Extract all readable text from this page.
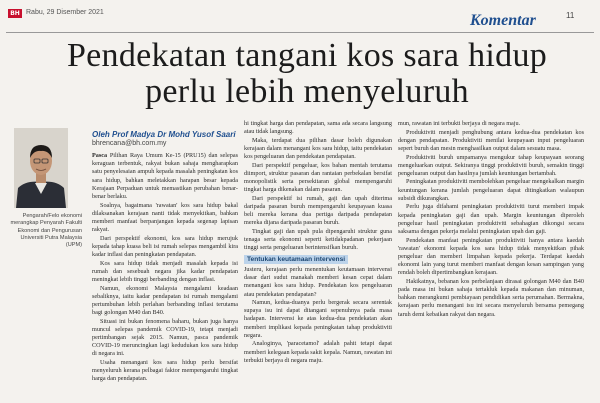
BH Rabu, 29 Disember 2021	Komentar	11
Pendekatan tangani kos sara hidup perlu lebih menyeluruh
Pengarah/Felo ekonomi merangkap Penyarah Fakulti Ekonomi dan Pengurusan Universiti Putra Malaysia (UPM)
Oleh Prof Madya Dr Mohd Yusof Saari
bhrencana@bh.com.my

Pasca Pilihan Raya Umum Ke-15 (PRU15) dan selepas keraguan terbentuk, rakyat bukan sahaja mengharapkan satu penyelesaian ampuh kepada masalah peningkatan kos sara hidup, bahkan meletakkan harapan besar kepada Kerajaan Perpaduan untuk memastikan perubahan benar-benar berlaku.

Soalnya, bagaimana 'rawatan' kos sara hidup bakal dilaksanakan kerajaan nanti tidak menyekitkan, bahkan memberi manfaat berpanjangan kepada segenap lapisan rakyat.

Dari perspektif ekonomi, kos sara hidup merujuk kepada tahap kuasa beli isi rumah selepas mengambil kira kadar inflasi dan peningkatan pendapatan.

Kos sara hidup tidak menjadi masalah kepada isi rumah dan sesebuah negara jika kadar pendapatan meningkat lebih tinggi berbanding dengan inflasi.

Namun, ekonomi Malaysia mengalami keadaan sebaliknya, iaitu kadar pendapatan isi rumah mengalami pertumbuhan lebih perlahan berbanding inflasi terutama bagi golongan M40 dan B40.

Situasi ini bukan fenomena baharu, bukan juga hanya muncul selepas pandemik COVID-19, tetapi menjadi pertimbangan sejak 2015. Namun, pasca pandemik COVID-19 meruncingkan lagi kedudukan kos sara hidup di negara ini.

Usaha menangani kos sara hidup perlu bersifat menyeluruh kerana pelbagai faktor mempengaruhi tingkat harga dan pendapatan.

hi tingkat harga dan pendapatan, sama ada secara langsung atau tidak langsung.

Maka, terdapat dua pilihan dasar boleh digunakan kerajaan dalam menangani kos sara hidup, iaitu pendekatan kos pengeluaran dan pendekatan pendapatan.

Dari perspektif pengeluar, kos bahan mentah terutama diimport, struktur pasaran dan rantaian perbekalan bersifat monopolistik serta persekitaran global mempengaruhi tingkat harga dikenakan dalam pasaran.

Dari perspektif isi rumah, gaji dan upah diterima daripada pasaran buruh mempengaruhi keupayaan kuasa beli mereka kerana dua pertiga daripada pendapatan mereka dijana daripada pasaran buruh.

Tingkat gaji dan upah pula dipengaruhi struktur guna tenaga serta ekonomi seperti ketidakpadanan pekerjaan tinggi serta pengeluaran berintensifkan buruh.

Tentukan keutamaan intervensi

Justeru, kerajaan perlu menentukan keutamaan intervensi dasar dari sudut manakah memberi kesan cepat dalam menangani kos sara hidup. Pendekatan kos pengeluaran atau pendekatan pendapatan?

Namun, kedua-duanya perlu bergerak secara serentak supaya isu ini dapat ditangani sepenuhnya pada masa hadapan. Intervensi ke atas kedua-dua pendekatan akan memberi implikasi kepada peningkatan tahap produktiviti negara.

Analoginya, 'paracetamol' adalah pahit tetapi dapat memberi kelegaan kepada sakit kepala. Namun, rawatan ini terbukti berjaya di negara maju.

mun, rawatan ini terbukti berjaya di negara maju.

Produktiviti menjadi penghubung antara kedua-dua pendekatan kos dengan pendapatan. Produktiviti menilai keupayaan input pengeluaran sepert buruh dan mesin menghasilkan output dalam sesuatu masa.

Produktiviti buruh umpamanya mengukur tahap keupayaan seorang mengeluarkan output. Sekiranya tinggi produktiviti buruh, semakin tinggi pengeluaran output dan hasilnya jumlah keuntungan bertambah.

Peningkatan produktiviti membolehkan pengeluar mengekalkan margin keuntungan kerana jumlah pengeluaran dapat ditingkatkan walaupun subsidi dikurangkan.

Perlu juga difahami peningkatan produktiviti turut memberi impak kepada peningkatan gaji dan upah. Margin keuntungan diperoleh pengeluar hasil peningkatan produktiviti sebahagian dikongsi secara saksama dengan pekerja melalui peningkatan upah dan gaji.

Pendekatan manfaat peningkatan produktiviti hanya antara kaedah 'rawatan' ekonomi kepada kos sara hidup tidak menyekitkan pihak pengeluar dan memberi limpahan kepada pekerja. Terdapat kaedah ekonomi lain yang turut memberi manfaat dengan kesan sampingan yang rendah boleh dipertimbangkan kerajaan.

Hakikatnya, bebanan kos perbelanjaan dirasai golongan M40 dan B40 pada masa ini bukan sahaja tertakluk kepada makanan dan minuman, bahkan merangkumi pembiayaan pendidikan serta perumahan. Bermakna, kerajaan perlu menangani isu ini secara menyeluruh bersama pemegang taruh demi kebaikan rakyat dan negara.
